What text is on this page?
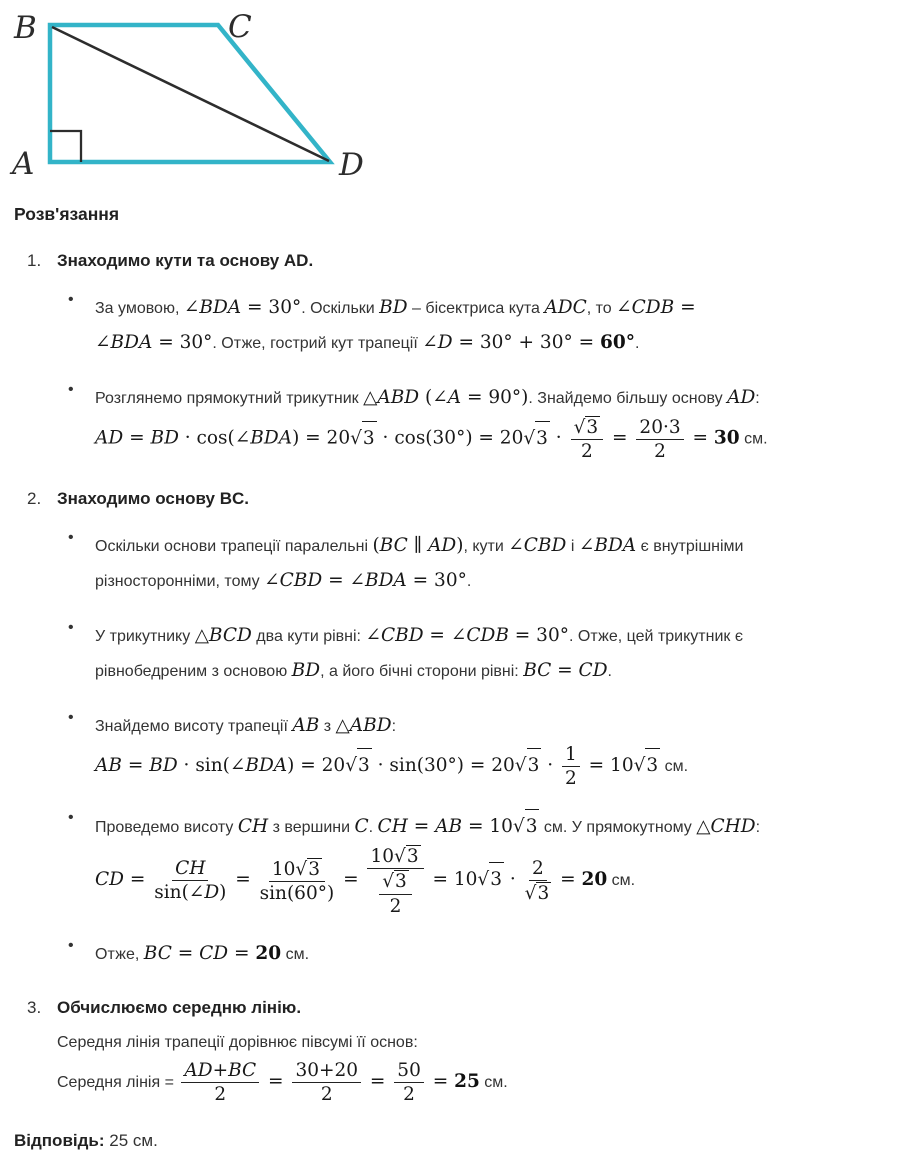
B	C
A	D
Розв'язання
1. Знаходимо кути та основу AD.
•
За умовою, ∠BDA = 30°. Оскільки BD – бісектриса кута ADC, то ∠CDB =
∠BDA = 30°. Отже, гострий кут трапеції ∠D = 30° + 30° = 60°.
•
Розглянемо прямокутний трикутник △ABD (∠A = 90°). Знайдемо більшу основу AD:
AD = BD · cos(∠BDA) = $20√3 \cdot \cos(30^\circ) = 20√3 \cdot \frac{√3}{2} = \frac{20\cdot 3}{2} = 30$ см.
2. Знаходимо основу BC.
•
Оскільки основи трапеції паралельні (BC ∥ AD), кути ∠CBD і ∠BDA є внутрішніми
різносторонніми, тому ∠CBD = ∠BDA = 30°.
•
У трикутнику △BCD два кути рівні: ∠CBD = ∠CDB = 30°. Отже, цей трикутник є
рівнобедреним з основою BD, а його бічні сторони рівні: BC = CD.
•
Знайдемо висоту трапеції AB з △ABD:
AB = BD · sin(∠BDA) = $20√3 \cdot \sin(30^\circ) = 20√3 \cdot \frac{1}{2} = 10√3$ см.
•
Проведемо висоту CH з вершини C. CH = AB = 10√3 см. У прямокутному △CHD:
CD = $\frac{CH}{\sin(\angle D)} = \frac{10√3}{\sin(60^\circ)} = \frac{10√3}{\frac{√3}{2}} = 10√3 \cdot \frac{2}{√3} = 20$ см.
•
Отже, BC = CD = 20 см.
3. Обчислюємо середню лінію.
Середня лінія трапеції дорівнює півсумі її основ:
Середня лінія = $\frac{AD+BC}{2} = \frac{30+20}{2} = \frac{50}{2} = 25$ см.
Відповідь: 25 см.
